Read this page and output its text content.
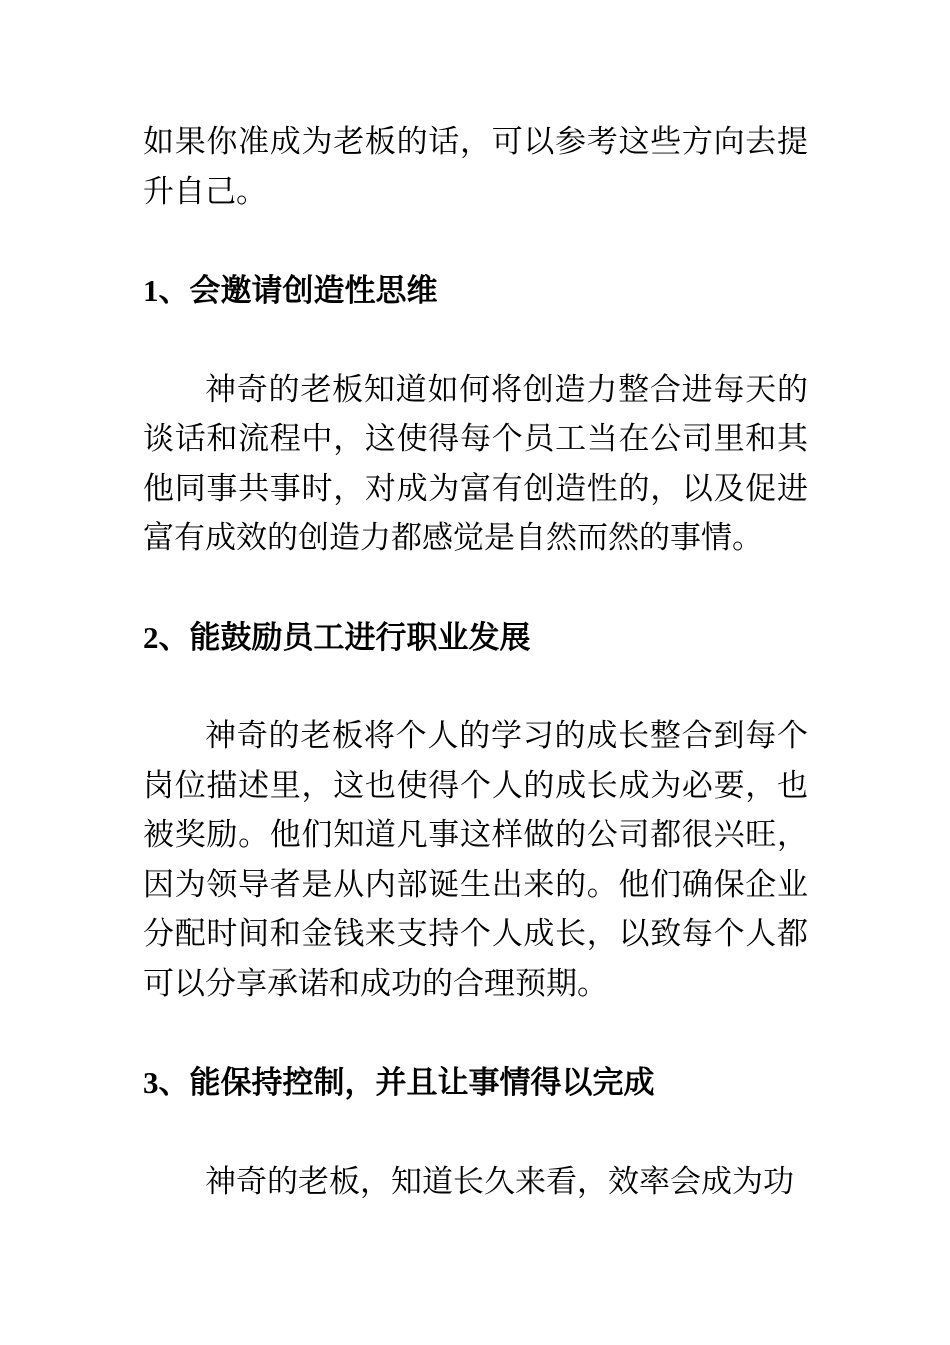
如果你准成为老板的话，可以参考这些方向去提升自己。

1、会邀请创造性思维

神奇的老板知道如何将创造力整合进每天的谈话和流程中，这使得每个员工当在公司里和其他同事共事时，对成为富有创造性的，以及促进富有成效的创造力都感觉是自然而然的事情。

2、能鼓励员工进行职业发展

神奇的老板将个人的学习的成长整合到每个岗位描述里，这也使得个人的成长成为必要，也被奖励。他们知道凡事这样做的公司都很兴旺，因为领导者是从内部诞生出来的。他们确保企业分配时间和金钱来支持个人成长，以致每个人都可以分享承诺和成功的合理预期。

3、能保持控制，并且让事情得以完成

神奇的老板，知道长久来看，效率会成为功
